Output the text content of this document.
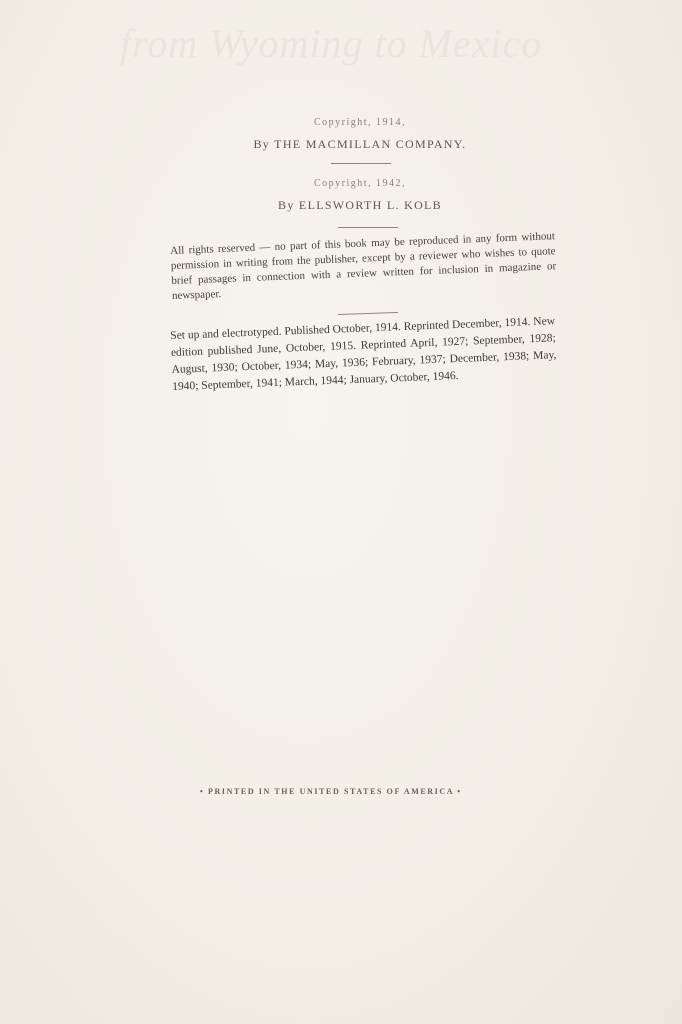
from Wyoming to Mexico
Copyright, 1914,
By THE MACMILLAN COMPANY.
Copyright, 1942,
By ELLSWORTH L. KOLB
All rights reserved — no part of this book may be reproduced in any form without permission in writing from the publisher, except by a reviewer who wishes to quote brief passages in connection with a review written for inclusion in magazine or newspaper.
Set up and electrotyped. Published October, 1914. Reprinted December, 1914. New edition published June, October, 1915. Reprinted April, 1927; September, 1928; August, 1930; October, 1934; May, 1936; February, 1937; December, 1938; May, 1940; September, 1941; March, 1944; January, October, 1946.
• PRINTED IN THE UNITED STATES OF AMERICA •
